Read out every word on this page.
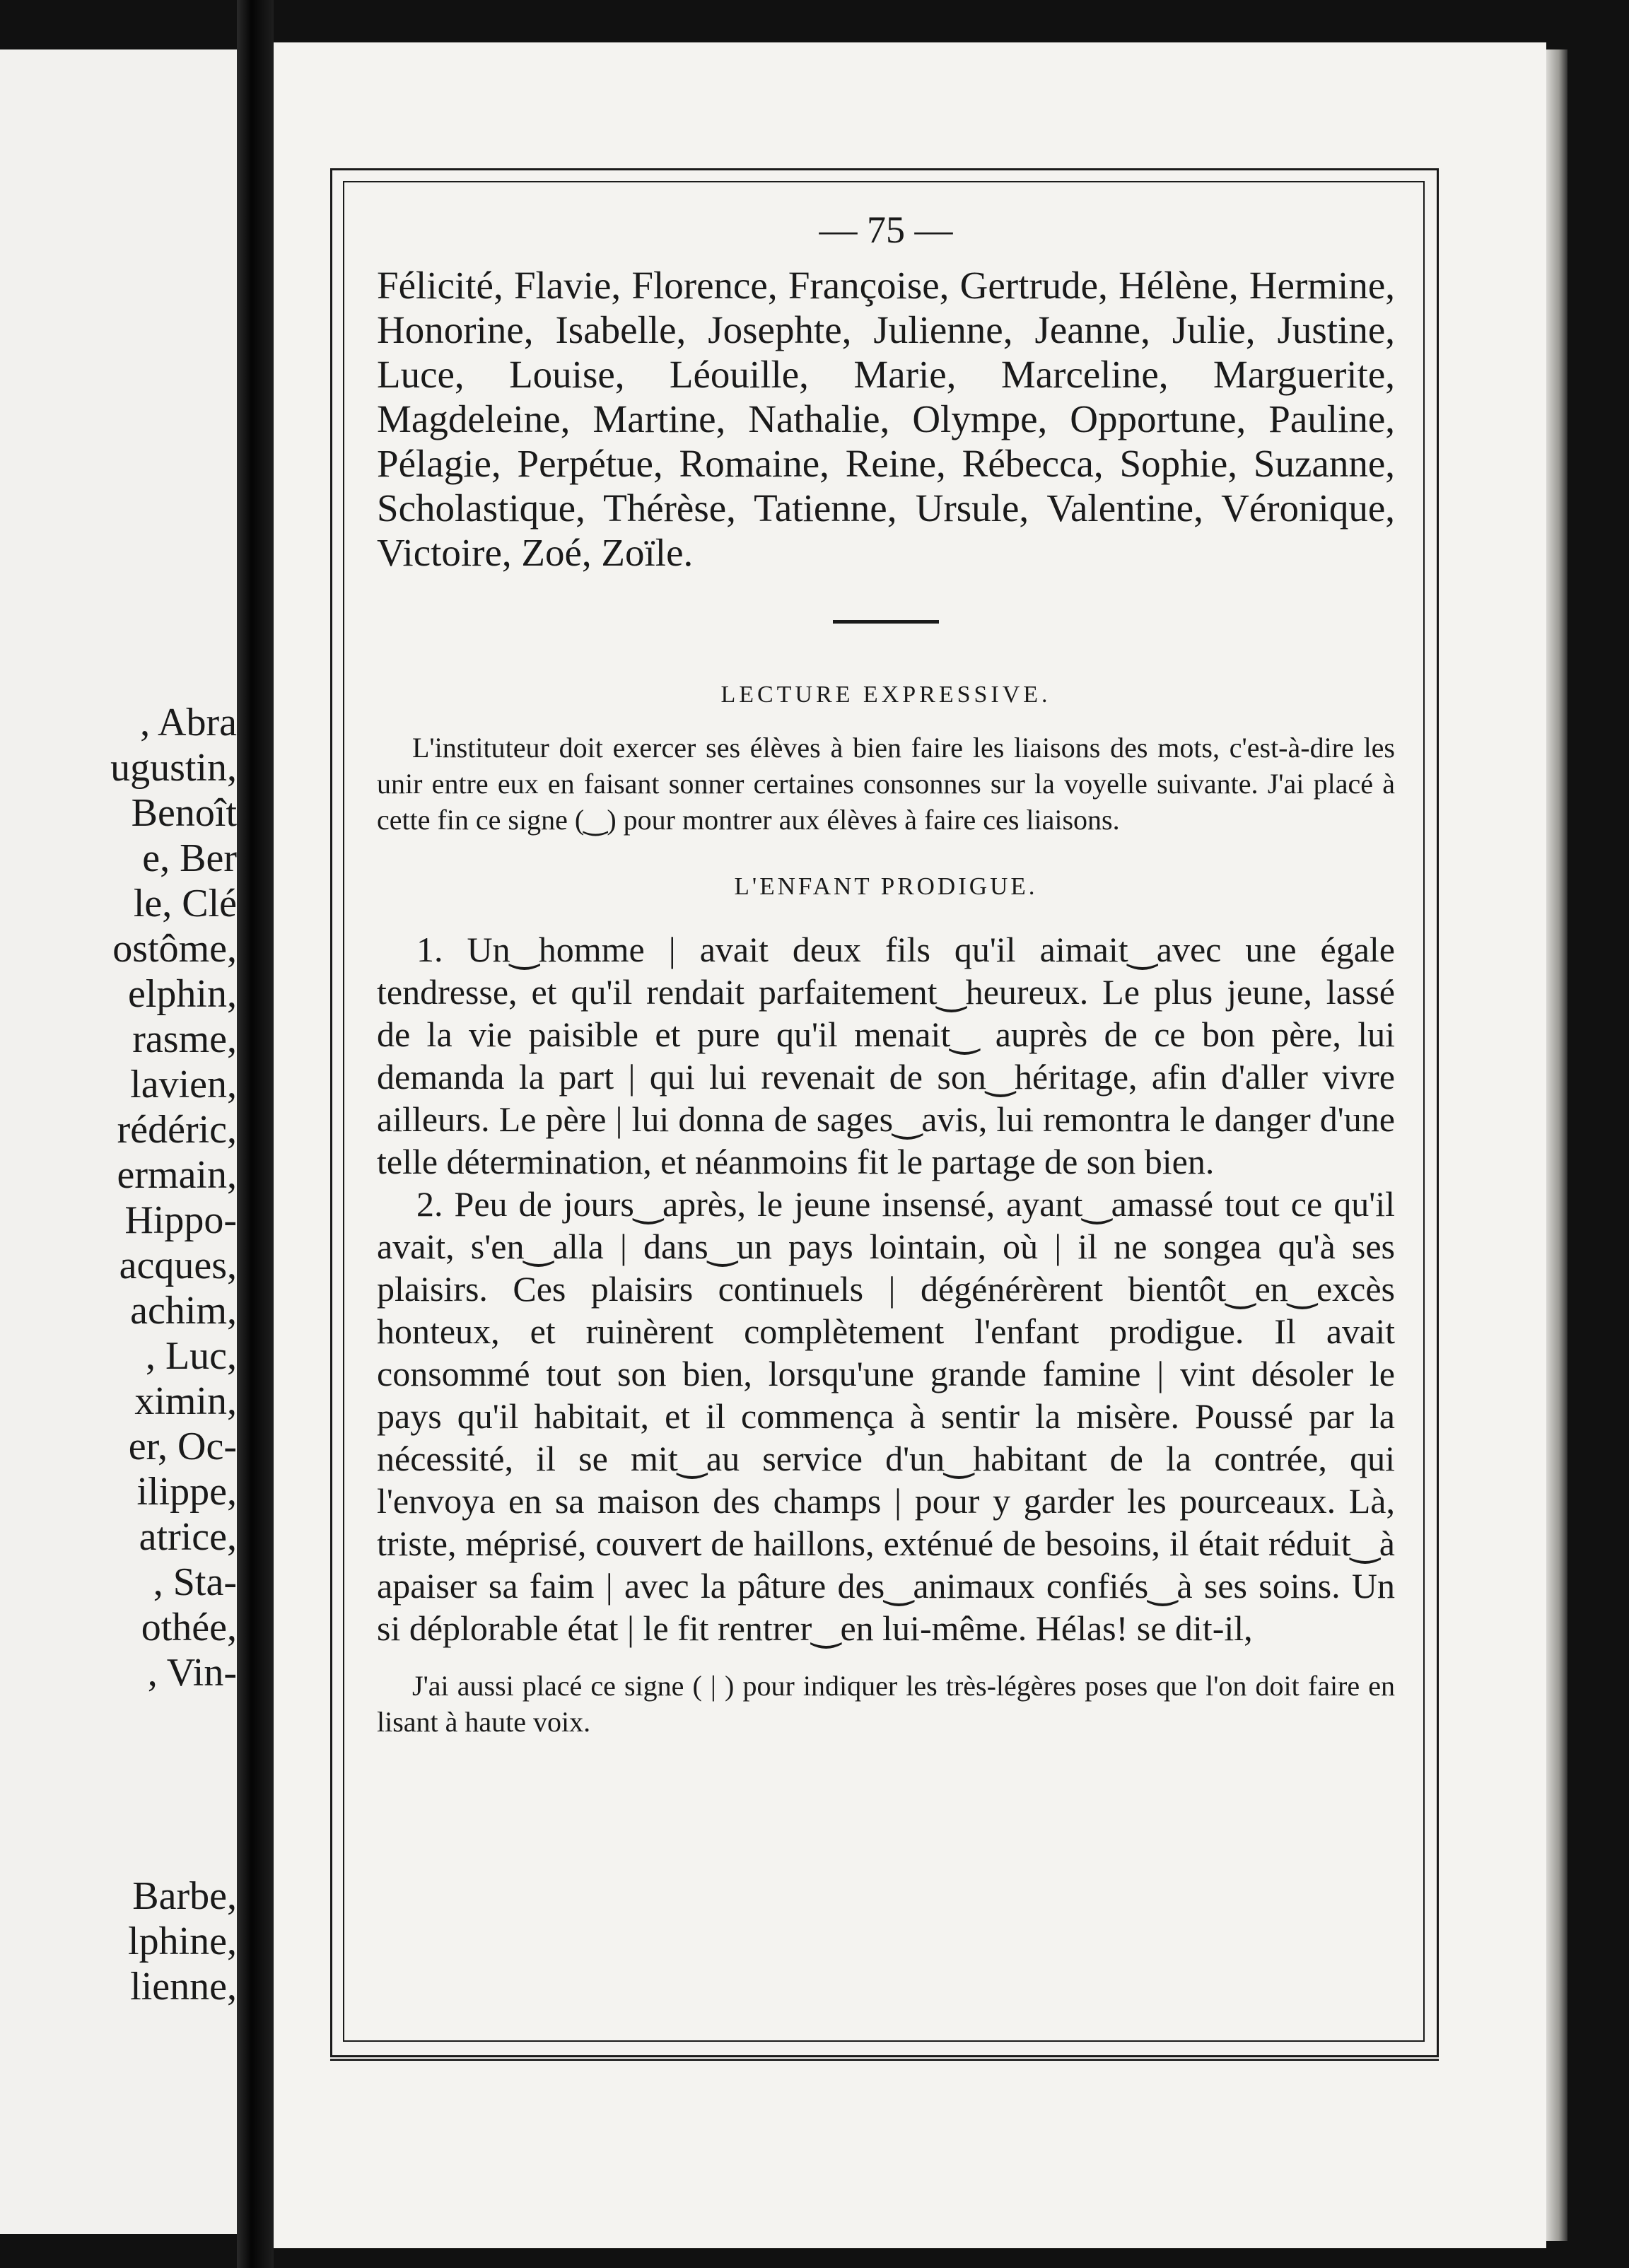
, Abra
ugustin,
Benoît
e, Ber
le, Clé
ostôme,
elphin,
rasme,
lavien,
rédéric,
ermain,
Hippo-
acques,
achim,
, Luc,
ximin,
er, Oc-
ilippe,
atrice,
, Sta-
othée,
, Vin-
Barbe,
lphine,
lienne,

— 75 —

Félicité, Flavie, Florence, Françoise, Gertrude, Hélène, Hermine, Honorine, Isabelle, Josephte, Julienne, Jeanne, Julie, Justine, Luce, Louise, Léouille, Marie, Marceline, Marguerite, Magdeleine, Martine, Nathalie, Olympe, Opportune, Pauline, Pélagie, Perpétue, Romaine, Reine, Rébecca, Sophie, Suzanne, Scholastique, Thérèse, Tatienne, Ursule, Valentine, Véronique, Victoire, Zoé, Zoïle.

LECTURE EXPRESSIVE.

L'instituteur doit exercer ses élèves à bien faire les liaisons des mots, c'est-à-dire les unir entre eux en faisant sonner certaines consonnes sur la voyelle suivante. J'ai placé à cette fin ce signe (‿) pour montrer aux élèves à faire ces liaisons.

L'ENFANT PRODIGUE.

1. Un‿homme | avait deux fils qu'il aimait‿avec une égale tendresse, et qu'il rendait parfaitement‿heureux. Le plus jeune, lassé de la vie paisible et pure qu'il menait‿ auprès de ce bon père, lui demanda la part | qui lui revenait de son‿héritage, afin d'aller vivre ailleurs. Le père | lui donna de sages‿avis, lui remontra le danger d'une telle détermination, et néanmoins fit le partage de son bien.

2. Peu de jours‿après, le jeune insensé, ayant‿amassé tout ce qu'il avait, s'en‿alla | dans‿un pays lointain, où | il ne songea qu'à ses plaisirs. Ces plaisirs continuels | dégénérèrent bientôt‿en‿excès honteux, et ruinèrent complètement l'enfant prodigue. Il avait consommé tout son bien, lorsqu'une grande famine | vint désoler le pays qu'il habitait, et il commença à sentir la misère. Poussé par la nécessité, il se mit‿au service d'un‿habitant de la contrée, qui l'envoya en sa maison des champs | pour y garder les pourceaux. Là, triste, méprisé, couvert de haillons, exténué de besoins, il était réduit‿à apaiser sa faim | avec la pâture des‿animaux confiés‿à ses soins. Un si déplorable état | le fit rentrer‿en lui-même. Hélas! se dit-il,

J'ai aussi placé ce signe ( | ) pour indiquer les très-légères poses que l'on doit faire en lisant à haute voix.
